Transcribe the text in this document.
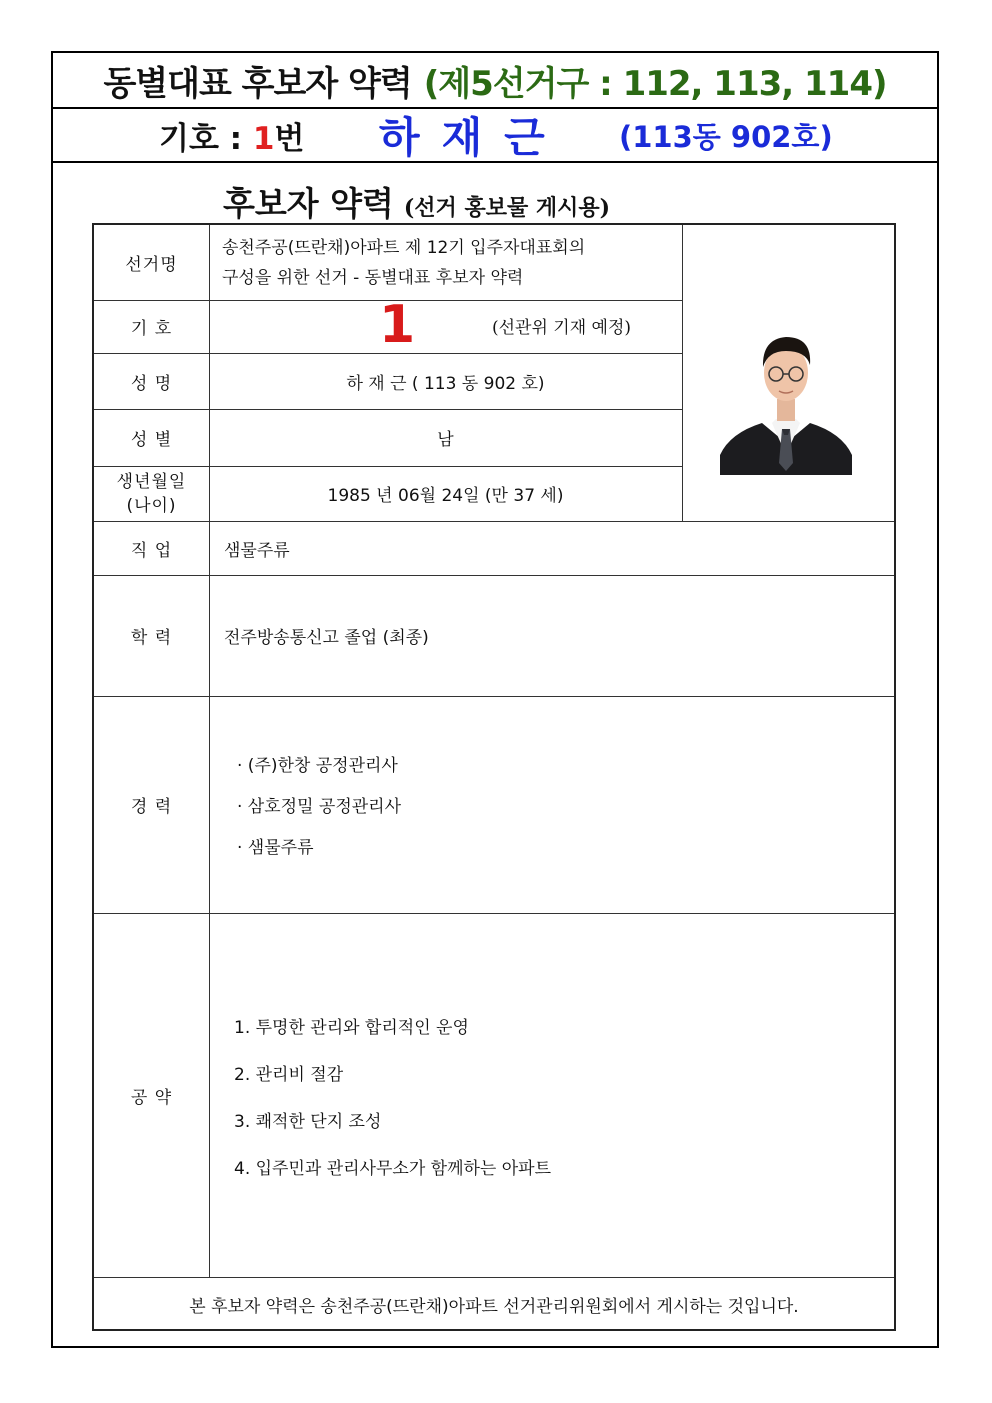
동별대표 후보자 약력 (제5선거구 : 112, 113, 114)
기호 : 1번 하재근 (113동 902호)
후보자 약력 (선거 홍보물 게시용)
선거명
기 호
성 명
성 별
생년월일
(나이)
직 업
학 력
경 력
공 약
송천주공(뜨란채)아파트 제 12기 입주자대표회의
구성을 위한 선거 - 동별대표 후보자 약력
1	(선관위 기재 예정)
하 재 근 ( 113 동 902 호)
남
1985 년 06월 24일 (만 37 세)
샘물주류
전주방송통신고 졸업 (최종)
· (주)한창 공정관리사
· 삼호정밀 공정관리사
· 샘물주류
1. 투명한 관리와 합리적인 운영
2. 관리비 절감
3. 쾌적한 단지 조성
4. 입주민과 관리사무소가 함께하는 아파트
본 후보자 약력은 송천주공(뜨란채)아파트 선거관리위원회에서 게시하는 것입니다.
